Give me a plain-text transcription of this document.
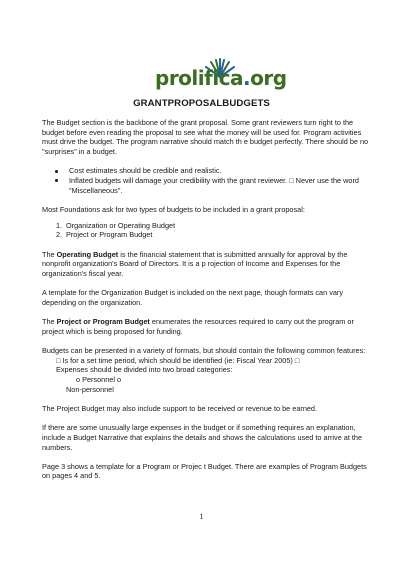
prolifica.org
GRANTPROPOSALBUDGETS

The Budget section is the backbone of the grant proposal. Some grant reviewers turn right to the budget before even reading the proposal to see what the money will be used for. Program activities must drive the budget. The program narrative should match th e budget perfectly. There should be no "surprises" in a budget.

Cost estimates should be credible and realistic.
Inflated budgets will damage your credibility with the grant reviewer. □ Never use the word "Miscellaneous".

Most Foundations ask for two types of budgets to be included in a grant proposal:

1. Organization or Operating Budget
2. Project or Program Budget

The Operating Budget is the financial statement that is submitted annually for approval by the nonprofit organization's Board of Directors. It is a p rojection of Income and Expenses for the organization's fiscal year.

A template for the Organization Budget is included on the next page, though formats can vary depending on the organization.

The Project or Program Budget enumerates the resources required to carry out the program or project which is being proposed for funding.

Budgets can be presented in a variety of formats, but should contain the following common features:

□ Is for a set time period, which should be identified (ie: Fiscal Year 2005) □

Expenses should be divided into two broad categories:

o Personnel o

Non-personnel

The Project Budget may also include support to be received or revenue to be earned.

If there are some unusually large expenses in the budget or if something requires an explanation, include a Budget Narrative that explains the details and shows the calculations used to arrive at the numbers.

Page 3 shows a template for a Program or Projec t Budget. There are examples of Program Budgets on pages 4 and 5.

1
